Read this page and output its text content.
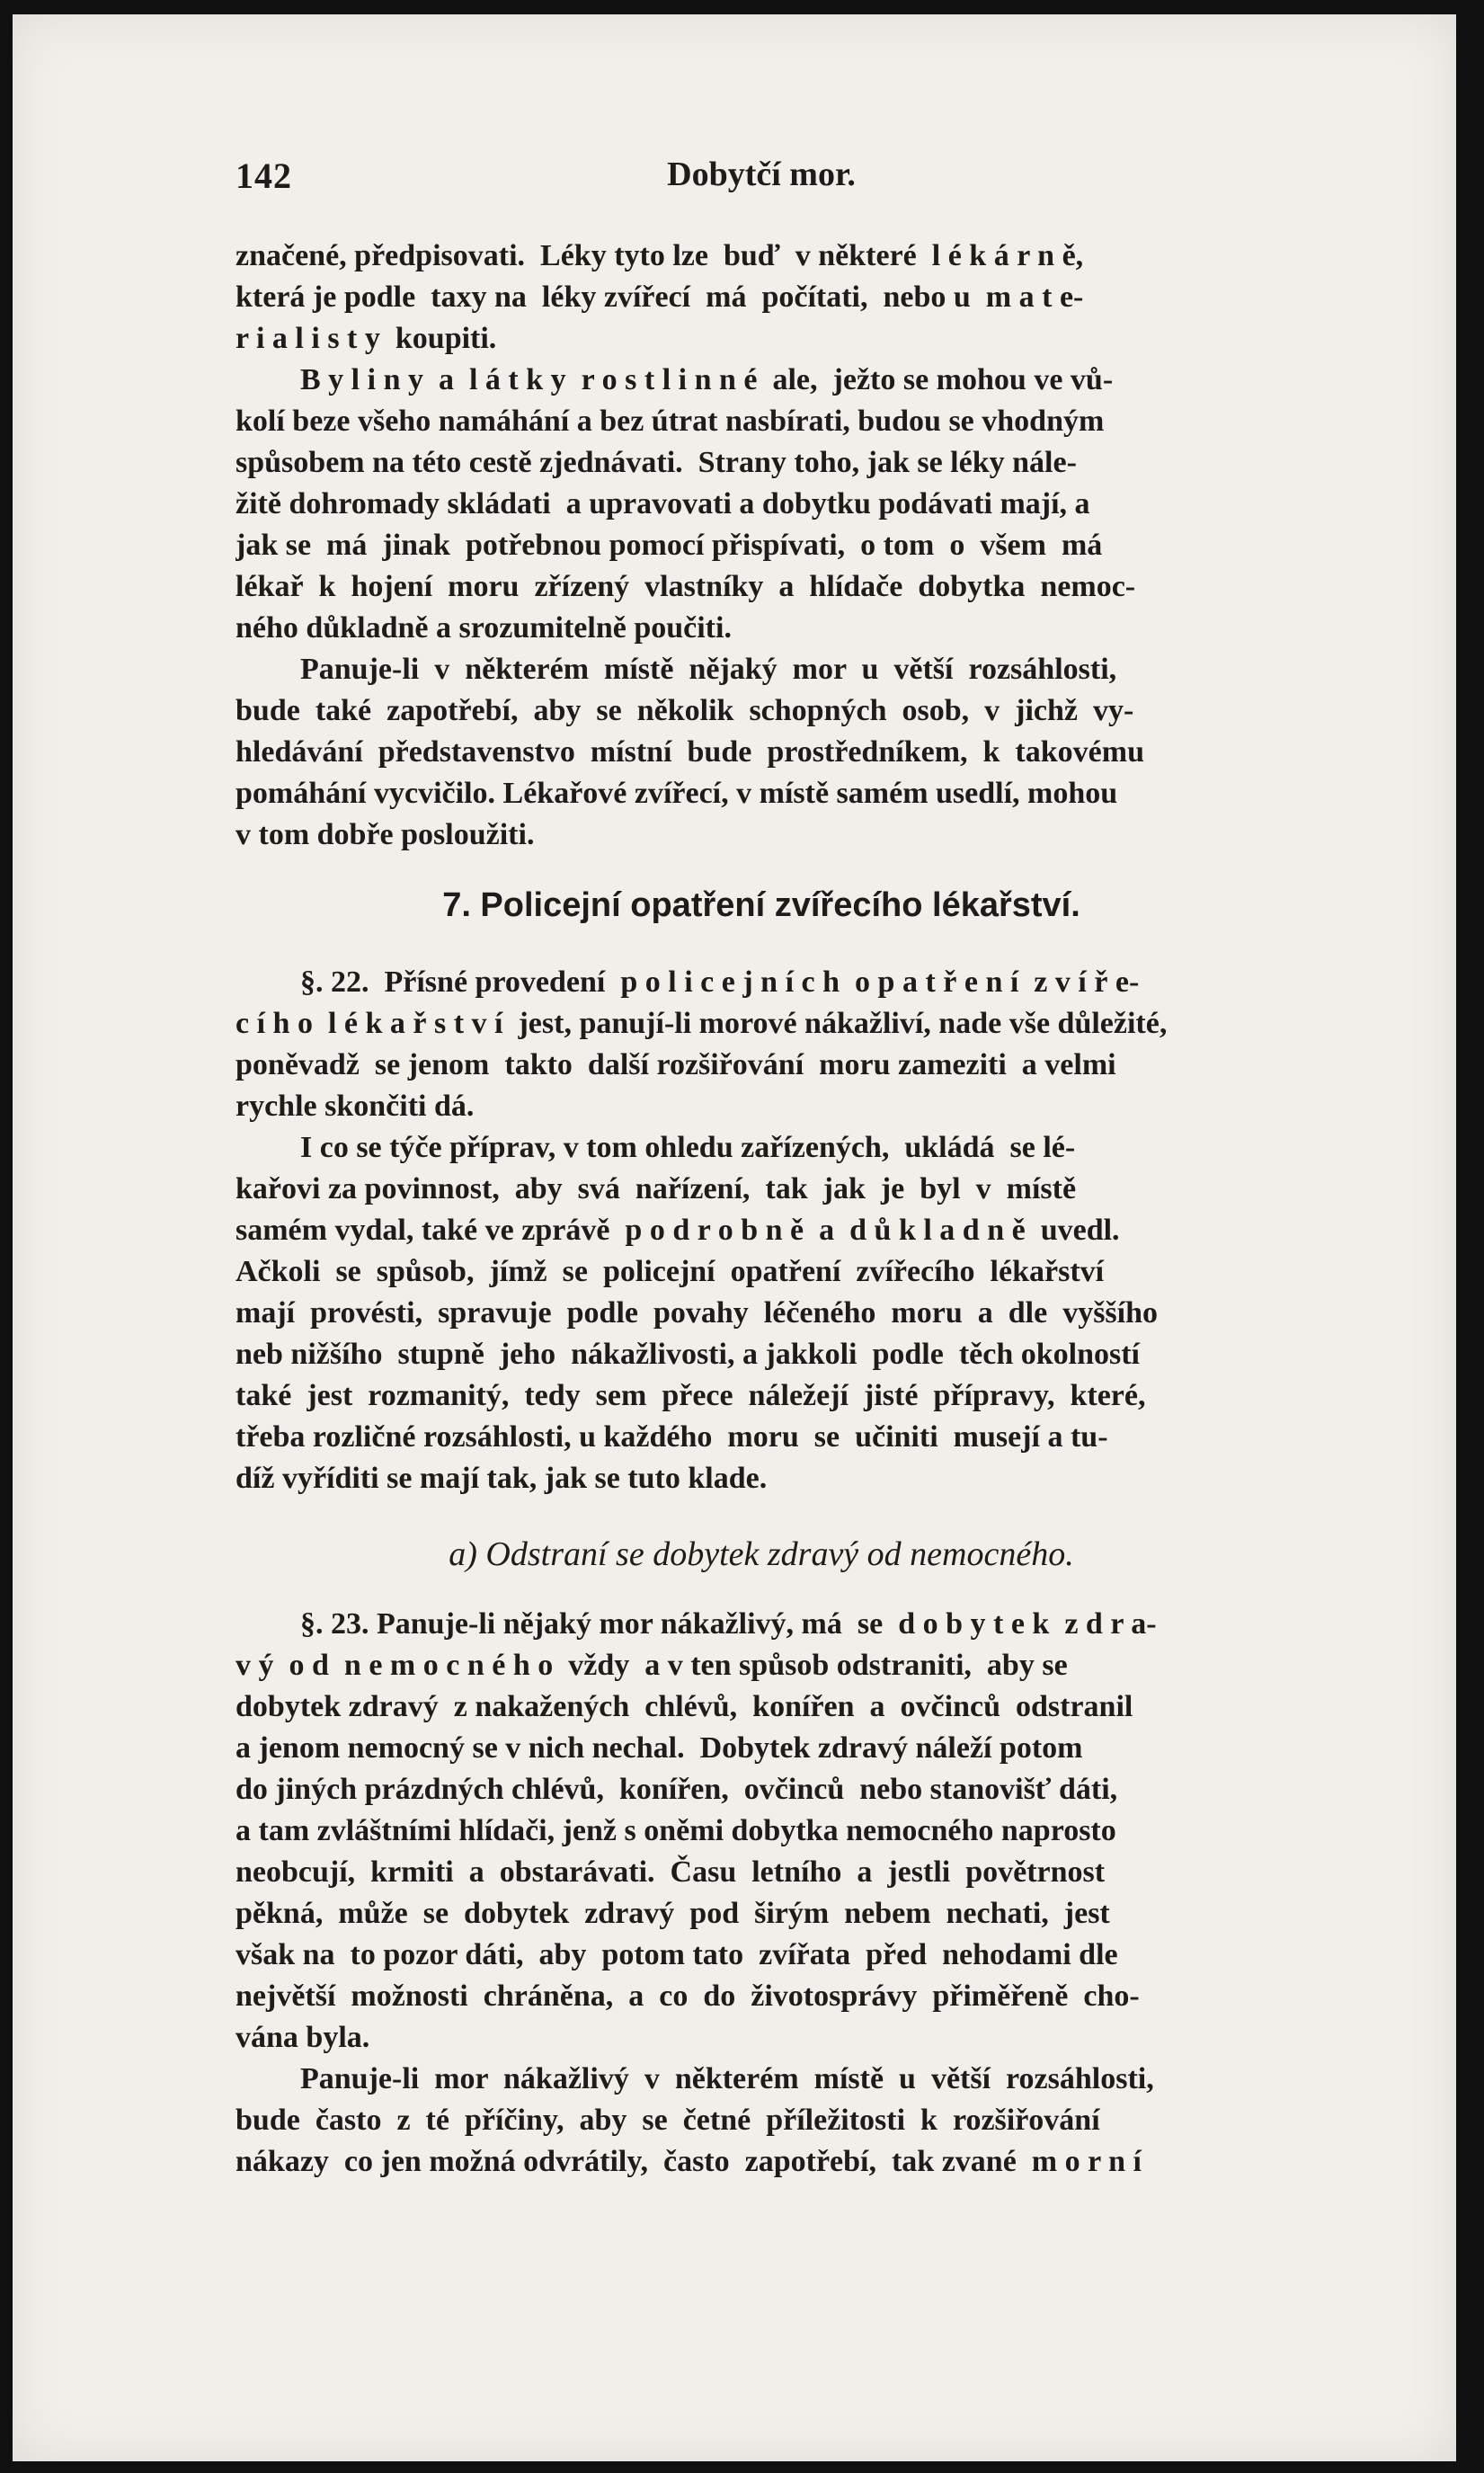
142	Dobytčí mor.
značené, předpisovati.  Léky tyto lze  buď  v některé  l é k á r n ě,
která je podle  taxy na  léky zvířecí  má  počítati,  nebo u  m a t e-
r i a l i s t y  koupiti.
B y l i n y  a  l á t k y  r o s t l i n n é  ale,  ježto se mohou ve vů-
kolí beze všeho namáhání a bez útrat nasbírati, budou se vhodným
spůsobem na této cestě zjednávati.  Strany toho, jak se léky nále-
žitě dohromady skládati  a upravovati a dobytku podávati mají, a
jak se  má  jinak  potřebnou pomocí přispívati,  o tom  o  všem  má
lékař  k  hojení  moru  zřízený  vlastníky  a  hlídače  dobytka  nemoc-
ného důkladně a srozumitelně poučiti.
Panuje-li  v  některém  místě  nějaký  mor  u  větší  rozsáhlosti,
bude  také  zapotřebí,  aby  se  několik  schopných  osob,  v  jichž  vy-
hledávání  představenstvo  místní  bude  prostředníkem,  k  takovému
pomáhání vycvičilo. Lékařové zvířecí, v místě samém usedlí, mohou
v tom dobře posloužiti.
7. Policejní opatření zvířecího lékařství.
§. 22.  Přísné provedení  p o l i c e j n í c h  o p a t ř e n í  z v í ř e-
c í h o  l é k a ř s t v í  jest, panují-li morové nákažliví, nade vše důležité,
poněvadž  se jenom  takto  další rozšiřování  moru zameziti  a velmi
rychle skončiti dá.
I co se týče příprav, v tom ohledu zařízených,  ukládá  se lé-
kařovi za povinnost,  aby  svá  nařízení,  tak  jak  je  byl  v  místě
samém vydal, také ve zprávě  p o d r o b n ě  a  d ů k l a d n ě  uvedl.
Ačkoli  se  spůsob,  jímž  se  policejní  opatření  zvířecího  lékařství
mají  provésti,  spravuje  podle  povahy  léčeného  moru  a  dle  vyššího
neb nižšího  stupně  jeho  nákažlivosti, a jakkoli  podle  těch okolností
také  jest  rozmanitý,  tedy  sem  přece  náležejí  jisté  přípravy,  které,
třeba rozličné rozsáhlosti, u každého  moru  se  učiniti  musejí a tu-
díž vyříditi se mají tak, jak se tuto klade.
a) Odstraní se dobytek zdravý od nemocného.
§. 23. Panuje-li nějaký mor nákažlivý, má  se  d o b y t e k  z d r a-
v ý  o d  n e m o c n é h o  vždy  a v ten spůsob odstraniti,  aby se
dobytek zdravý  z nakažených  chlévů,  konířen  a  ovčinců  odstranil
a jenom nemocný se v nich nechal.  Dobytek zdravý náleží potom
do jiných prázdných chlévů,  konířen,  ovčinců  nebo stanovišť dáti,
a tam zvláštními hlídači, jenž s oněmi dobytka nemocného naprosto
neobcují,  krmiti  a  obstarávati.  Času  letního  a  jestli  povětrnost
pěkná,  může  se  dobytek  zdravý  pod  širým  nebem  nechati,  jest
však na  to pozor dáti,  aby  potom tato  zvířata  před  nehodami dle
největší  možnosti  chráněna,  a  co  do  životosprávy  přiměřeně  cho-
vána byla.
Panuje-li  mor  nákažlivý  v  některém  místě  u  větší  rozsáhlosti,
bude  často  z  té  příčiny,  aby  se  četné  příležitosti  k  rozšiřování
nákazy  co jen možná odvrátily,  často  zapotřebí,  tak zvané  m o r n í
